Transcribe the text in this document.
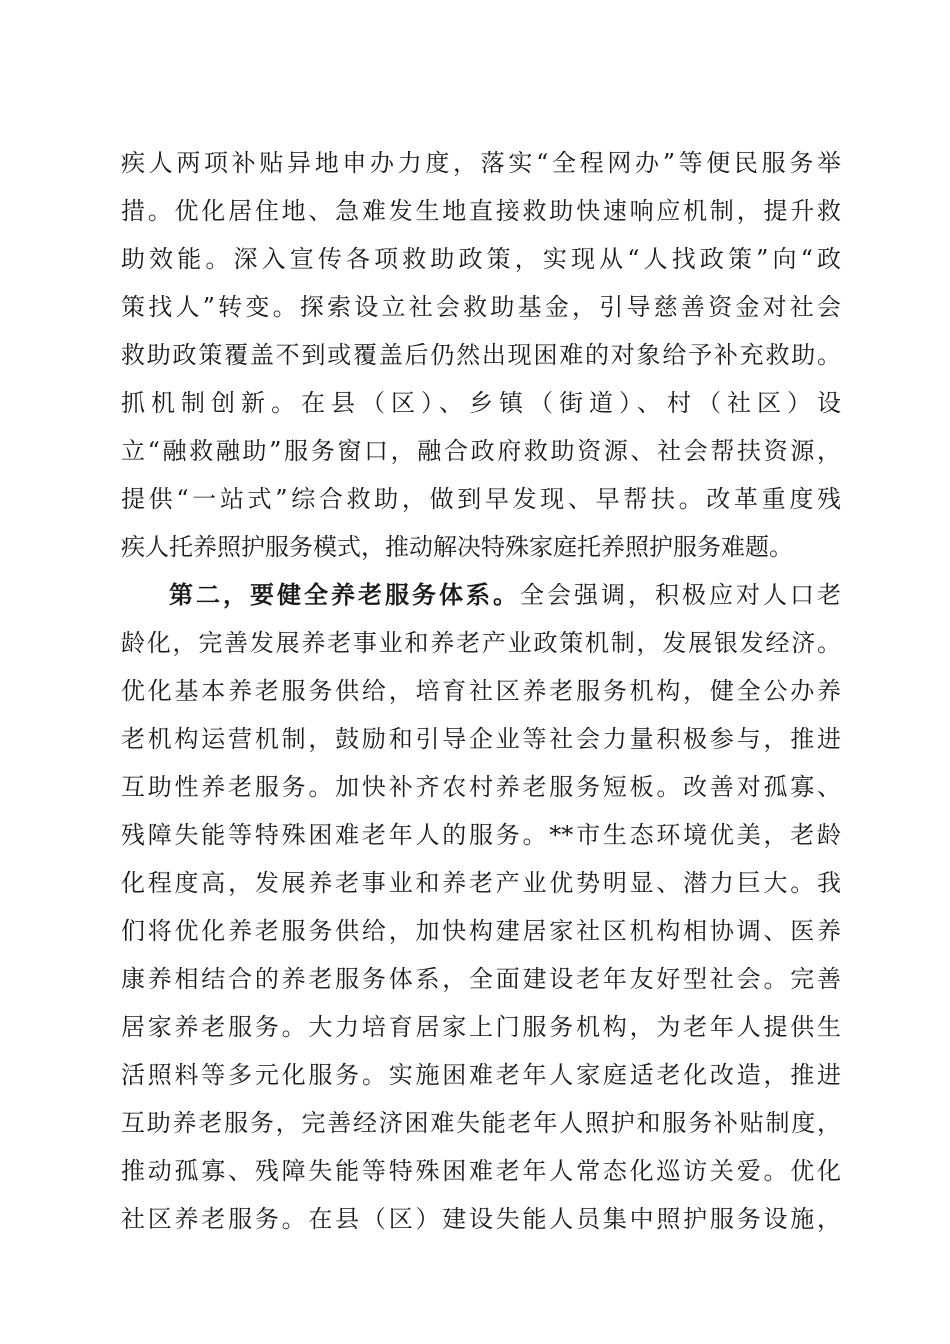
疾人两项补贴异地申办力度，落实“全程网办”等便民服务举
措。优化居住地、急难发生地直接救助快速响应机制，提升救
助效能。深入宣传各项救助政策，实现从“人找政策”向“政
策找人”转变。探索设立社会救助基金，引导慈善资金对社会
救助政策覆盖不到或覆盖后仍然出现困难的对象给予补充救助。
抓机制创新。在县（区）、乡镇（街道）、村（社区）设
立“融救融助”服务窗口，融合政府救助资源、社会帮扶资源，
提供“一站式”综合救助，做到早发现、早帮扶。改革重度残
疾人托养照护服务模式，推动解决特殊家庭托养照护服务难题。
第二，要健全养老服务体系。全会强调，积极应对人口老
龄化，完善发展养老事业和养老产业政策机制，发展银发经济。
优化基本养老服务供给，培育社区养老服务机构，健全公办养
老机构运营机制，鼓励和引导企业等社会力量积极参与，推进
互助性养老服务。加快补齐农村养老服务短板。改善对孤寡、
残障失能等特殊困难老年人的服务。**市生态环境优美，老龄
化程度高，发展养老事业和养老产业优势明显、潜力巨大。我
们将优化养老服务供给，加快构建居家社区机构相协调、医养
康养相结合的养老服务体系，全面建设老年友好型社会。完善
居家养老服务。大力培育居家上门服务机构，为老年人提供生
活照料等多元化服务。实施困难老年人家庭适老化改造，推进
互助养老服务，完善经济困难失能老年人照护和服务补贴制度，
推动孤寡、残障失能等特殊困难老年人常态化巡访关爱。优化
社区养老服务。在县（区）建设失能人员集中照护服务设施，
